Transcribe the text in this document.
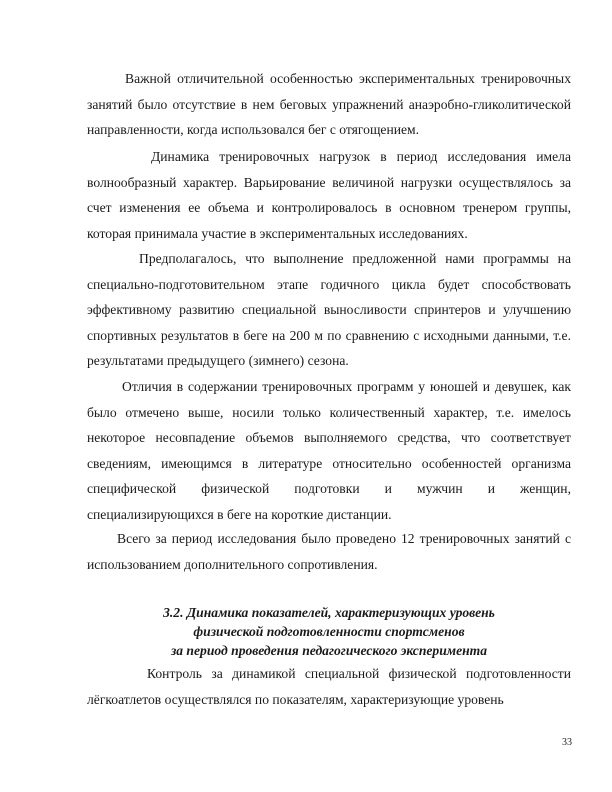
Важной отличительной особенностью экспериментальных тренировочных занятий было отсутствие в нем беговых упражнений анаэробно-гликолитической направленности, когда использовался бег с отягощением.

Динамика тренировочных нагрузок в период исследования имела волнообразный характер. Варьирование величиной нагрузки осуществлялось за счет изменения ее объема и контролировалось в основном тренером группы, которая принимала участие в экспериментальных исследованиях.

Предполагалось, что выполнение предложенной нами программы на специально-подготовительном этапе годичного цикла будет способствовать эффективному развитию специальной выносливости спринтеров и улучшению спортивных результатов в беге на 200 м по сравнению с исходными данными, т.е. результатами предыдущего (зимнего) сезона.

Отличия в содержании тренировочных программ у юношей и девушек, как было отмечено выше, носили только количественный характер, т.е. имелось некоторое несовпадение объемов выполняемого средства, что соответствует сведениям, имеющимся в литературе относительно особенностей организма специфической физической подготовки и мужчин и женщин, специализирующихся в беге на короткие дистанции.

Всего за период исследования было проведено 12 тренировочных занятий с использованием дополнительного сопротивления.

3.2. Динамика показателей, характеризующих уровень
физической подготовленности спортсменов
за период проведения педагогического эксперимента

Контроль за динамикой специальной физической подготовленности лёгкоатлетов осуществлялся по показателям, характеризующие уровень

33
